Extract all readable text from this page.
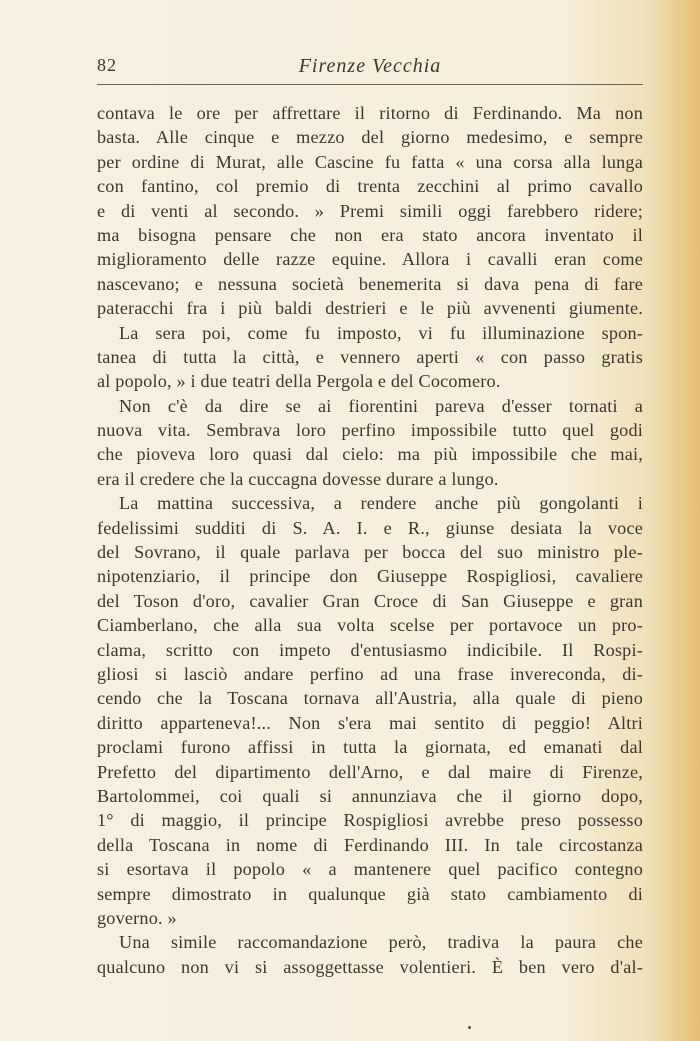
82	Firenze Vecchia
contava le ore per affrettare il ritorno di Ferdinando. Ma non
basta. Alle cinque e mezzo del giorno medesimo, e sempre
per ordine di Murat, alle Cascine fu fatta « una corsa alla lunga
con fantino, col premio di trenta zecchini al primo cavallo
e di venti al secondo. » Premi simili oggi farebbero ridere;
ma bisogna pensare che non era stato ancora inventato il
miglioramento delle razze equine. Allora i cavalli eran come
nascevano; e nessuna società benemerita si dava pena di fare
pateracchi fra i più baldi destrieri e le più avvenenti giumente.
La sera poi, come fu imposto, vi fu illuminazione spon-
tanea di tutta la città, e vennero aperti « con passo gratis
al popolo, » i due teatri della Pergola e del Cocomero.
Non c'è da dire se ai fiorentini pareva d'esser tornati a
nuova vita. Sembrava loro perfino impossibile tutto quel godi
che pioveva loro quasi dal cielo: ma più impossibile che mai,
era il credere che la cuccagna dovesse durare a lungo.
La mattina successiva, a rendere anche più gongolanti i
fedelissimi sudditi di S. A. I. e R., giunse desiata la voce
del Sovrano, il quale parlava per bocca del suo ministro ple-
nipotenziario, il principe don Giuseppe Rospigliosi, cavaliere
del Toson d'oro, cavalier Gran Croce di San Giuseppe e gran
Ciamberlano, che alla sua volta scelse per portavoce un pro-
clama, scritto con impeto d'entusiasmo indicibile. Il Rospi-
gliosi si lasciò andare perfino ad una frase invereconda, di-
cendo che la Toscana tornava all'Austria, alla quale di pieno
diritto apparteneva!... Non s'era mai sentito di peggio! Altri
proclami furono affissi in tutta la giornata, ed emanati dal
Prefetto del dipartimento dell'Arno, e dal maire di Firenze,
Bartolommei, coi quali si annunziava che il giorno dopo,
1° di maggio, il principe Rospigliosi avrebbe preso possesso
della Toscana in nome di Ferdinando III. In tale circostanza
si esortava il popolo « a mantenere quel pacifico contegno
sempre dimostrato in qualunque già stato cambiamento di
governo. »
Una simile raccomandazione però, tradiva la paura che
qualcuno non vi si assoggettasse volentieri. È ben vero d'al-
